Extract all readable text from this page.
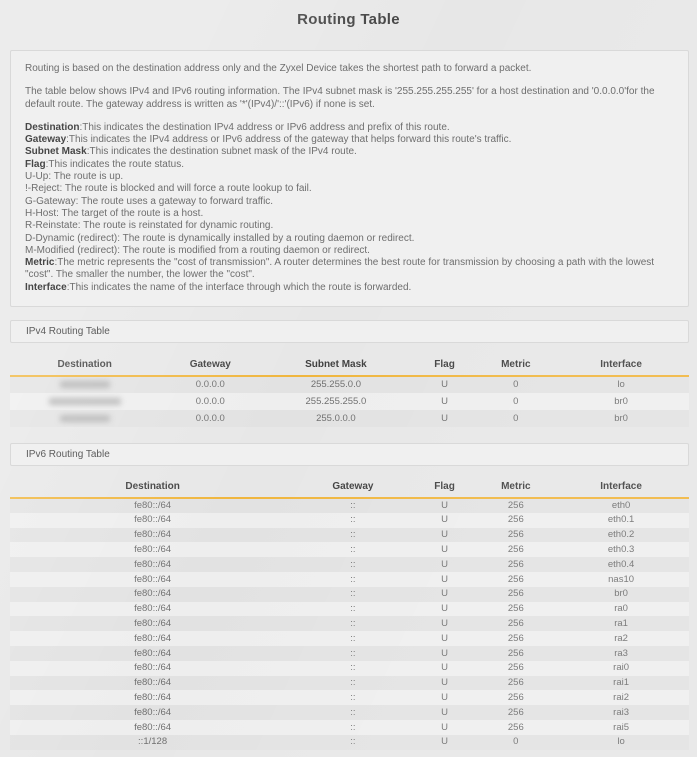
Routing Table

Routing is based on the destination address only and the Zyxel Device takes the shortest path to forward a packet.

The table below shows IPv4 and IPv6 routing information. The IPv4 subnet mask is '255.255.255.255' for a host destination and '0.0.0.0'for the default route. The gateway address is written as '*'(IPv4)/'::'(IPv6) if none is set.

Destination:This indicates the destination IPv4 address or IPv6 address and prefix of this route.
Gateway:This indicates the IPv4 address or IPv6 address of the gateway that helps forward this route's traffic.
Subnet Mask:This indicates the destination subnet mask of the IPv4 route.
Flag:This indicates the route status.
U-Up: The route is up.
!-Reject: The route is blocked and will force a route lookup to fail.
G-Gateway: The route uses a gateway to forward traffic.
H-Host: The target of the route is a host.
R-Reinstate: The route is reinstated for dynamic routing.
D-Dynamic (redirect): The route is dynamically installed by a routing daemon or redirect.
M-Modified (redirect): The route is modified from a routing daemon or redirect.
Metric:The metric represents the "cost of transmission". A router determines the best route for transmission by choosing a path with the lowest "cost". The smaller the number, the lower the "cost".
Interface:This indicates the name of the interface through which the route is forwarded.
IPv4 Routing Table
Destination	Gateway	Subnet Mask	Flag	Metric	Interface
	0.0.0.0	255.255.0.0	U	0	lo
	0.0.0.0	255.255.255.0	U	0	br0
	0.0.0.0	255.0.0.0	U	0	br0
IPv6 Routing Table
Destination	Gateway	Flag	Metric	Interface
fe80::/64	::	U	256	eth0
fe80::/64	::	U	256	eth0.1
fe80::/64	::	U	256	eth0.2
fe80::/64	::	U	256	eth0.3
fe80::/64	::	U	256	eth0.4
fe80::/64	::	U	256	nas10
fe80::/64	::	U	256	br0
fe80::/64	::	U	256	ra0
fe80::/64	::	U	256	ra1
fe80::/64	::	U	256	ra2
fe80::/64	::	U	256	ra3
fe80::/64	::	U	256	rai0
fe80::/64	::	U	256	rai1
fe80::/64	::	U	256	rai2
fe80::/64	::	U	256	rai3
fe80::/64	::	U	256	rai5
::1/128	::	U	0	lo
